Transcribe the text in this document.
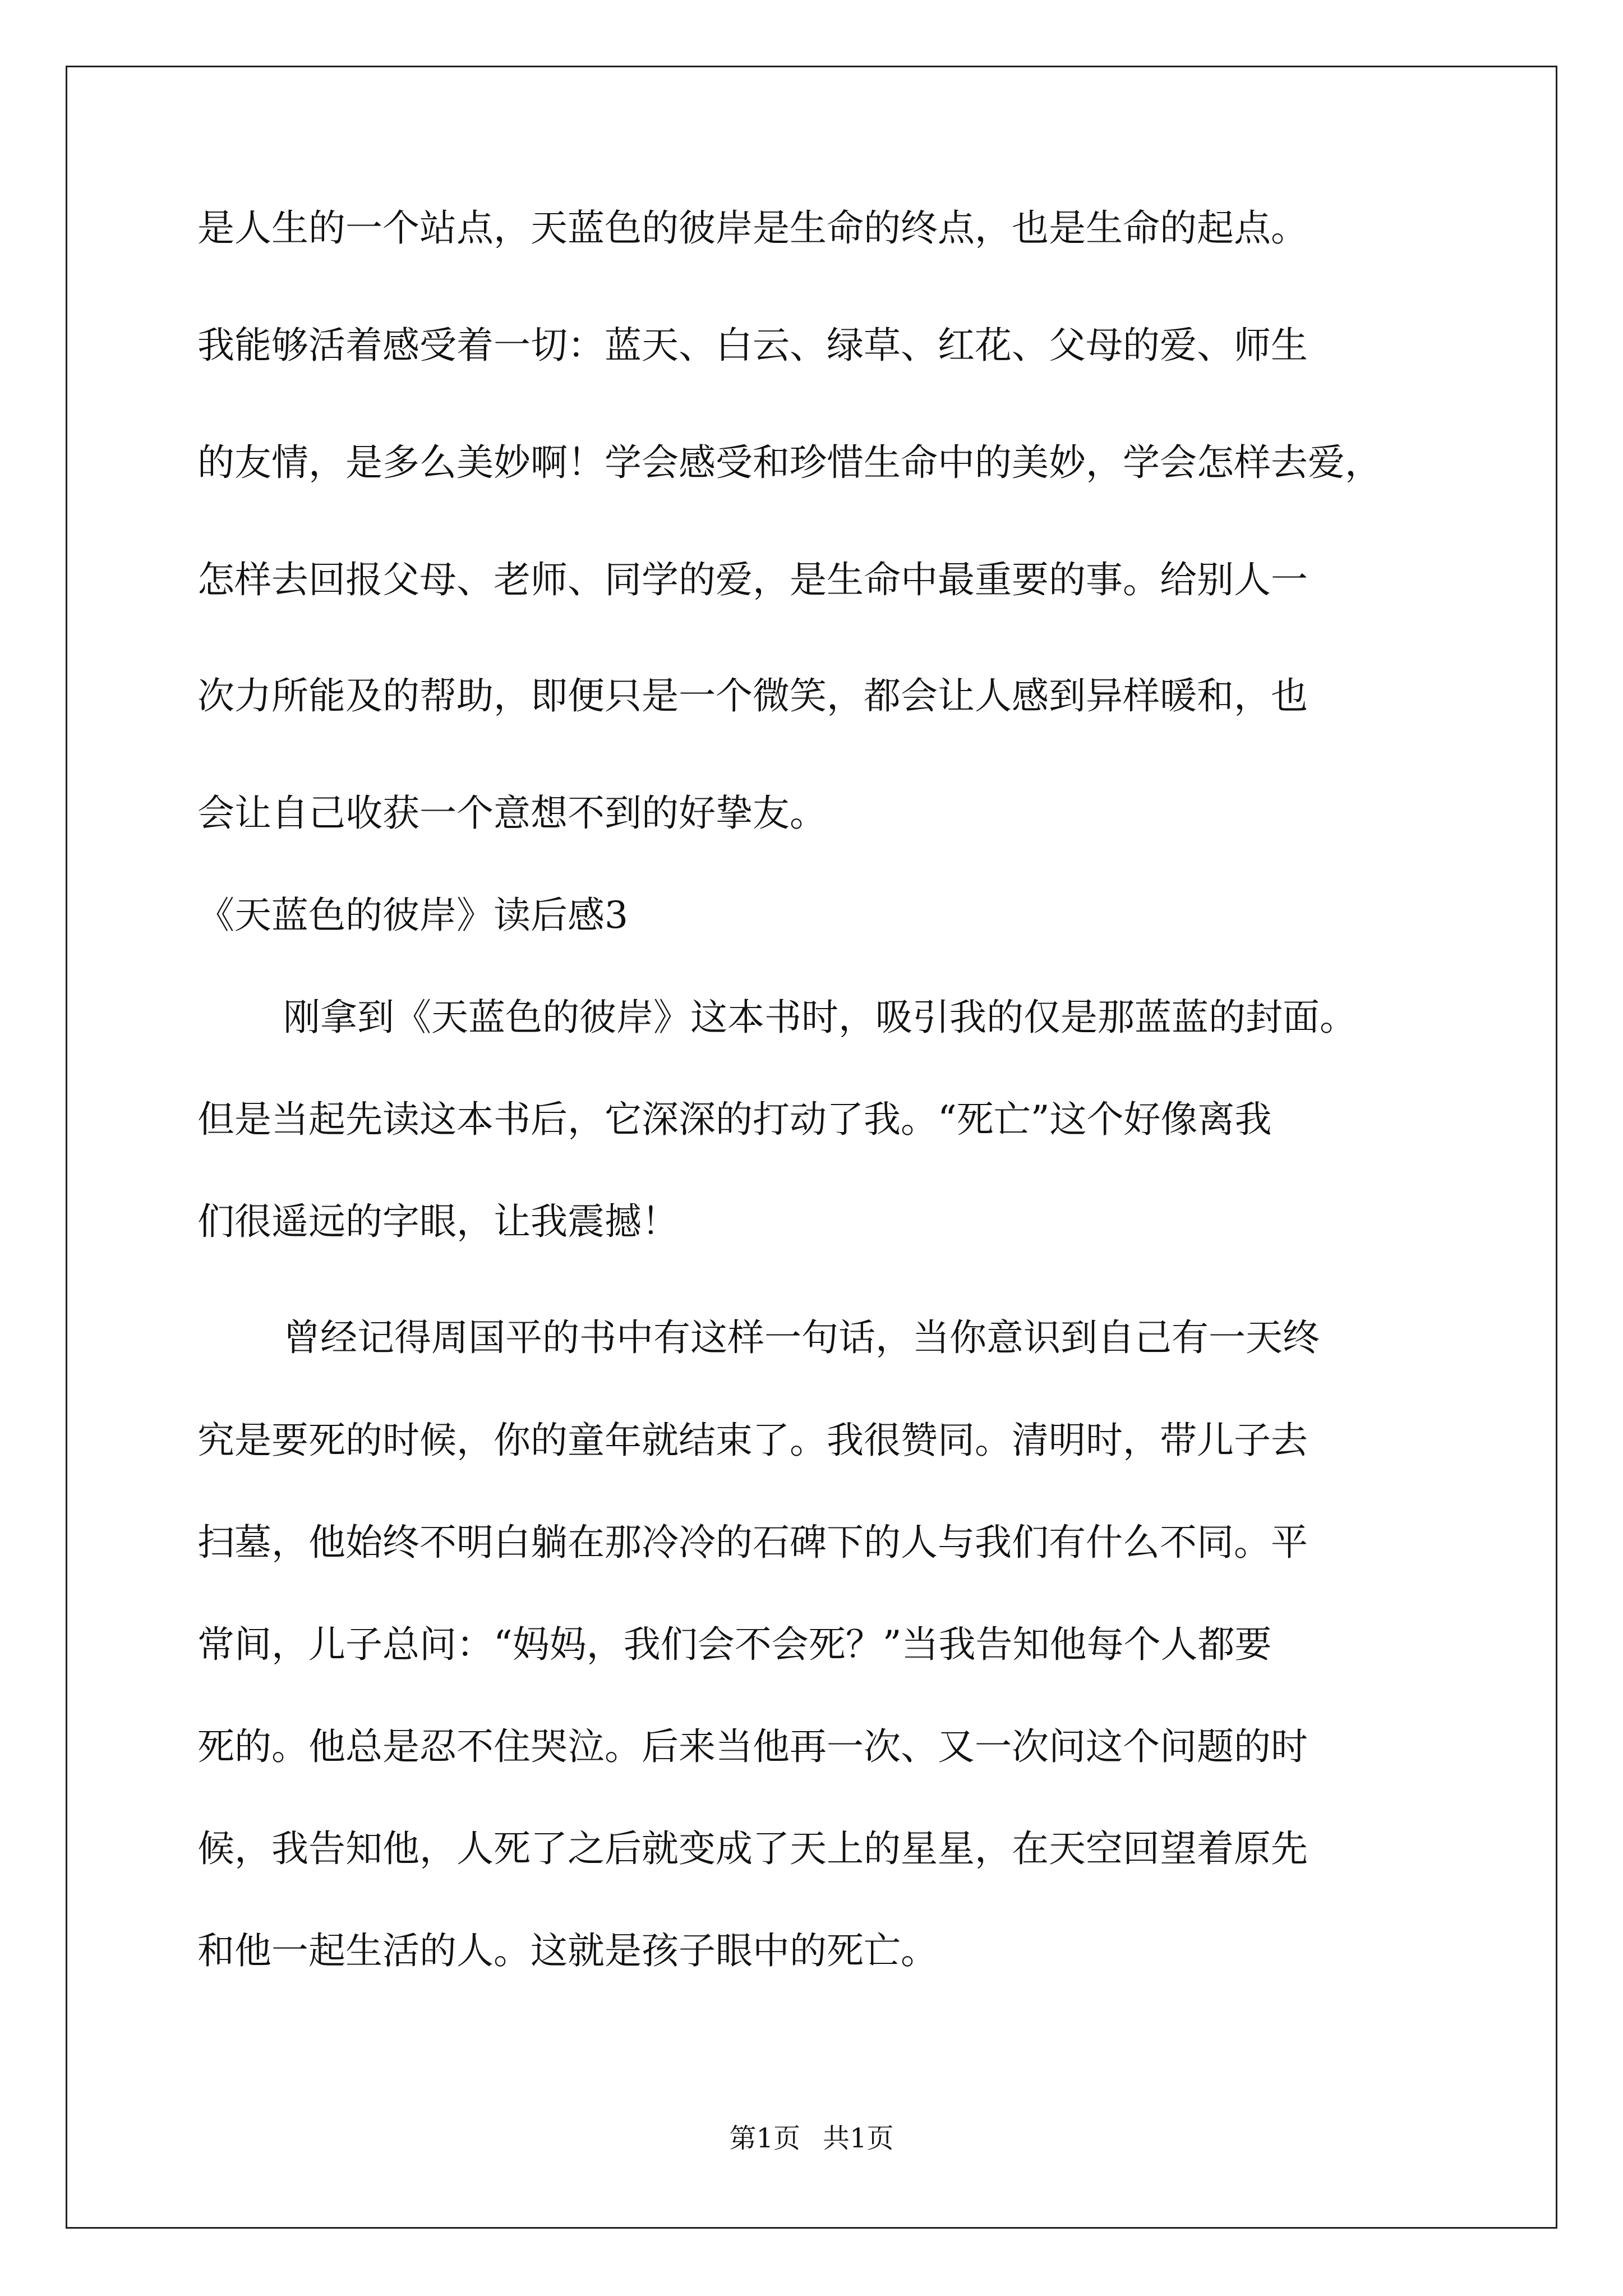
是人生的一个站点，天蓝色的彼岸是生命的终点，也是生命的起点。
我能够活着感受着一切：蓝天、白云、绿草、红花、父母的爱、师生
的友情，是多么美妙啊！学会感受和珍惜生命中的美妙，学会怎样去爱，
怎样去回报父母、老师、同学的爱，是生命中最重要的事。给别人一
次力所能及的帮助，即便只是一个微笑，都会让人感到异样暖和，也
会让自己收获一个意想不到的好挚友。
《天蓝色的彼岸》读后感3
刚拿到《天蓝色的彼岸》这本书时，吸引我的仅是那蓝蓝的封面。
但是当起先读这本书后，它深深的打动了我。“死亡”这个好像离我
们很遥远的字眼，让我震撼！
曾经记得周国平的书中有这样一句话，当你意识到自己有一天终
究是要死的时候，你的童年就结束了。我很赞同。清明时，带儿子去
扫墓，他始终不明白躺在那冷冷的石碑下的人与我们有什么不同。平
常间，儿子总问：“妈妈，我们会不会死？”当我告知他每个人都要
死的。他总是忍不住哭泣。后来当他再一次、又一次问这个问题的时
候，我告知他，人死了之后就变成了天上的星星，在天空回望着原先
和他一起生活的人。这就是孩子眼中的死亡。
第1页 共1页
